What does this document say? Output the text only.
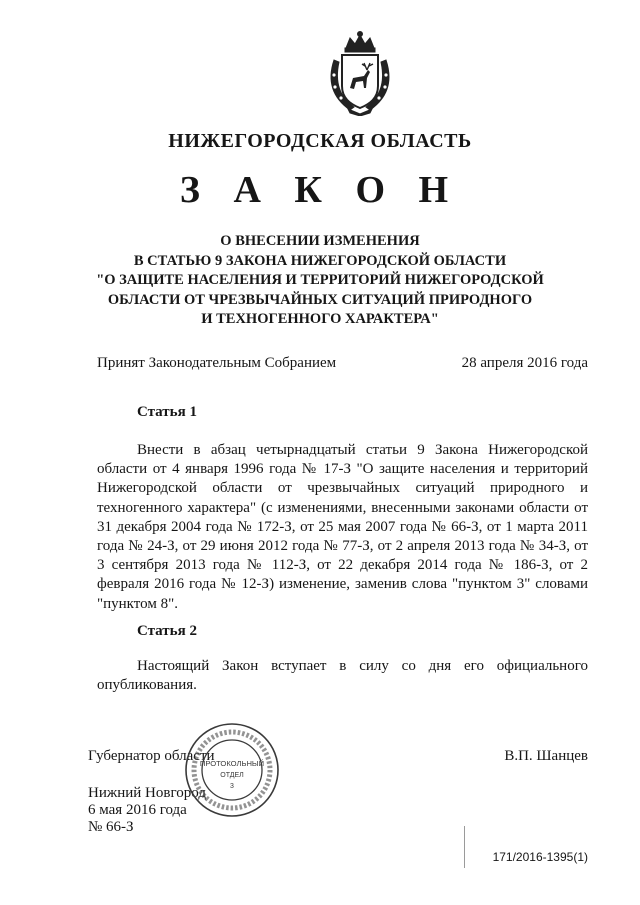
НИЖЕГОРОДСКАЯ ОБЛАСТЬ
З А К О Н
О ВНЕСЕНИИ ИЗМЕНЕНИЯ
В СТАТЬЮ 9 ЗАКОНА НИЖЕГОРОДСКОЙ ОБЛАСТИ
"О ЗАЩИТЕ НАСЕЛЕНИЯ И ТЕРРИТОРИЙ НИЖЕГОРОДСКОЙ
ОБЛАСТИ ОТ ЧРЕЗВЫЧАЙНЫХ СИТУАЦИЙ ПРИРОДНОГО
И ТЕХНОГЕННОГО ХАРАКТЕРА"
Принят Законодательным Собранием	28 апреля 2016 года
Статья 1
Внести в абзац четырнадцатый статьи 9 Закона Нижегородской области от 4 января 1996 года № 17-З "О защите населения и территорий Нижегородской области от чрезвычайных ситуаций природного и техногенного характера" (с изменениями, внесенными законами области от 31 декабря 2004 года № 172-З, от 25 мая 2007 года № 66-З, от 1 марта 2011 года № 24-З, от 29 июня 2012 года № 77-З, от 2 апреля 2013 года № 34-З, от 3 сентября 2013 года № 112-З, от 22 декабря 2014 года № 186-З, от 2 февраля 2016 года № 12-З) изменение, заменив слова "пунктом 3" словами "пунктом 8".
Статья 2
Настоящий Закон вступает в силу со дня его официального опубликования.
Губернатор области	В.П. Шанцев
Нижний Новгород
6 мая 2016 года
№ 66-З
ПРОТОКОЛЬНЫЙ
ОТДЕЛ
3
171/2016-1395(1)
